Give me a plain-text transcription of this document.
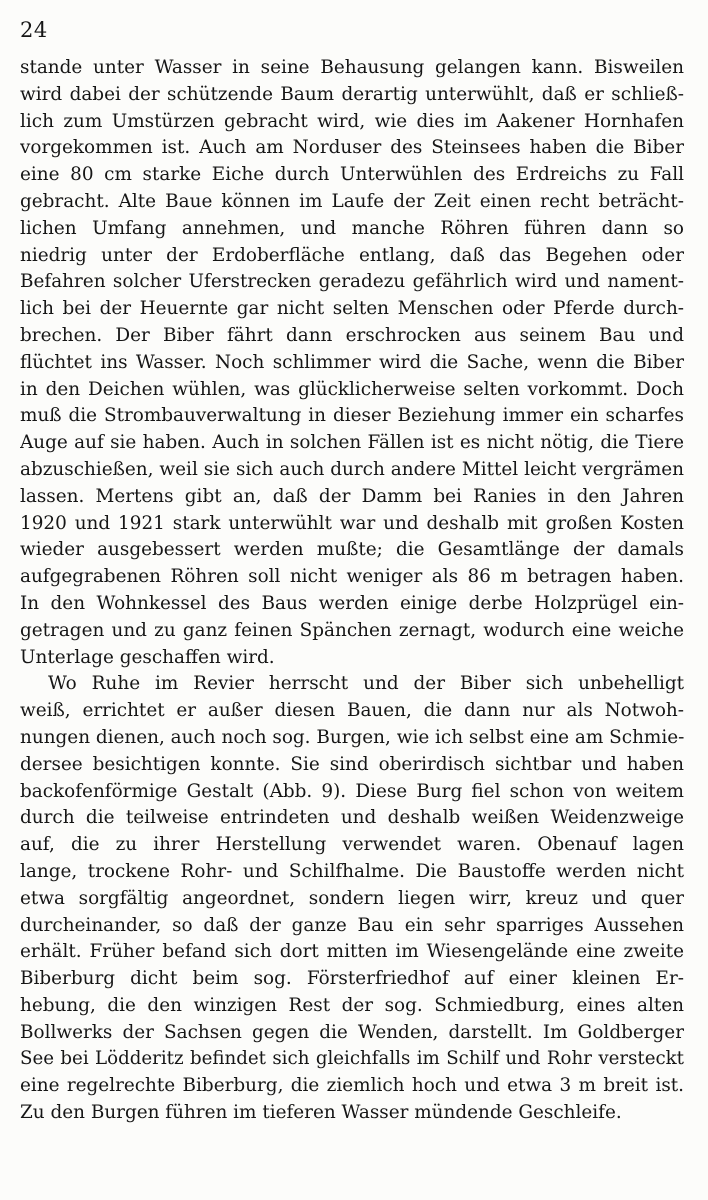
24
stande unter Wasser in seine Behausung gelangen kann. Bisweilen
wird dabei der schützende Baum derartig unterwühlt, daß er schließ-
lich zum Umstürzen gebracht wird, wie dies im Aakener Hornhafen
vorgekommen ist. Auch am Norduser des Steinsees haben die Biber
eine 80 cm starke Eiche durch Unterwühlen des Erdreichs zu Fall
gebracht. Alte Baue können im Laufe der Zeit einen recht beträcht-
lichen Umfang annehmen, und manche Röhren führen dann so
niedrig unter der Erdoberfläche entlang, daß das Begehen oder
Befahren solcher Uferstrecken geradezu gefährlich wird und nament-
lich bei der Heuernte gar nicht selten Menschen oder Pferde durch-
brechen. Der Biber fährt dann erschrocken aus seinem Bau und
flüchtet ins Wasser. Noch schlimmer wird die Sache, wenn die Biber
in den Deichen wühlen, was glücklicherweise selten vorkommt. Doch
muß die Strombauverwaltung in dieser Beziehung immer ein scharfes
Auge auf sie haben. Auch in solchen Fällen ist es nicht nötig, die Tiere
abzuschießen, weil sie sich auch durch andere Mittel leicht vergrämen
lassen. Mertens gibt an, daß der Damm bei Ranies in den Jahren
1920 und 1921 stark unterwühlt war und deshalb mit großen Kosten
wieder ausgebessert werden mußte; die Gesamtlänge der damals
aufgegrabenen Röhren soll nicht weniger als 86 m betragen haben.
In den Wohnkessel des Baus werden einige derbe Holzprügel ein-
getragen und zu ganz feinen Spänchen zernagt, wodurch eine weiche
Unterlage geschaffen wird.
Wo Ruhe im Revier herrscht und der Biber sich unbehelligt
weiß, errichtet er außer diesen Bauen, die dann nur als Notwoh-
nungen dienen, auch noch sog. Burgen, wie ich selbst eine am Schmie-
dersee besichtigen konnte. Sie sind oberirdisch sichtbar und haben
backofenförmige Gestalt (Abb. 9). Diese Burg fiel schon von weitem
durch die teilweise entrindeten und deshalb weißen Weidenzweige
auf, die zu ihrer Herstellung verwendet waren. Obenauf lagen
lange, trockene Rohr- und Schilfhalme. Die Baustoffe werden nicht
etwa sorgfältig angeordnet, sondern liegen wirr, kreuz und quer
durcheinander, so daß der ganze Bau ein sehr sparriges Aussehen
erhält. Früher befand sich dort mitten im Wiesengelände eine zweite
Biberburg dicht beim sog. Försterfriedhof auf einer kleinen Er-
hebung, die den winzigen Rest der sog. Schmiedburg, eines alten
Bollwerks der Sachsen gegen die Wenden, darstellt. Im Goldberger
See bei Lödderitz befindet sich gleichfalls im Schilf und Rohr versteckt
eine regelrechte Biberburg, die ziemlich hoch und etwa 3 m breit ist.
Zu den Burgen führen im tieferen Wasser mündende Geschleife.
